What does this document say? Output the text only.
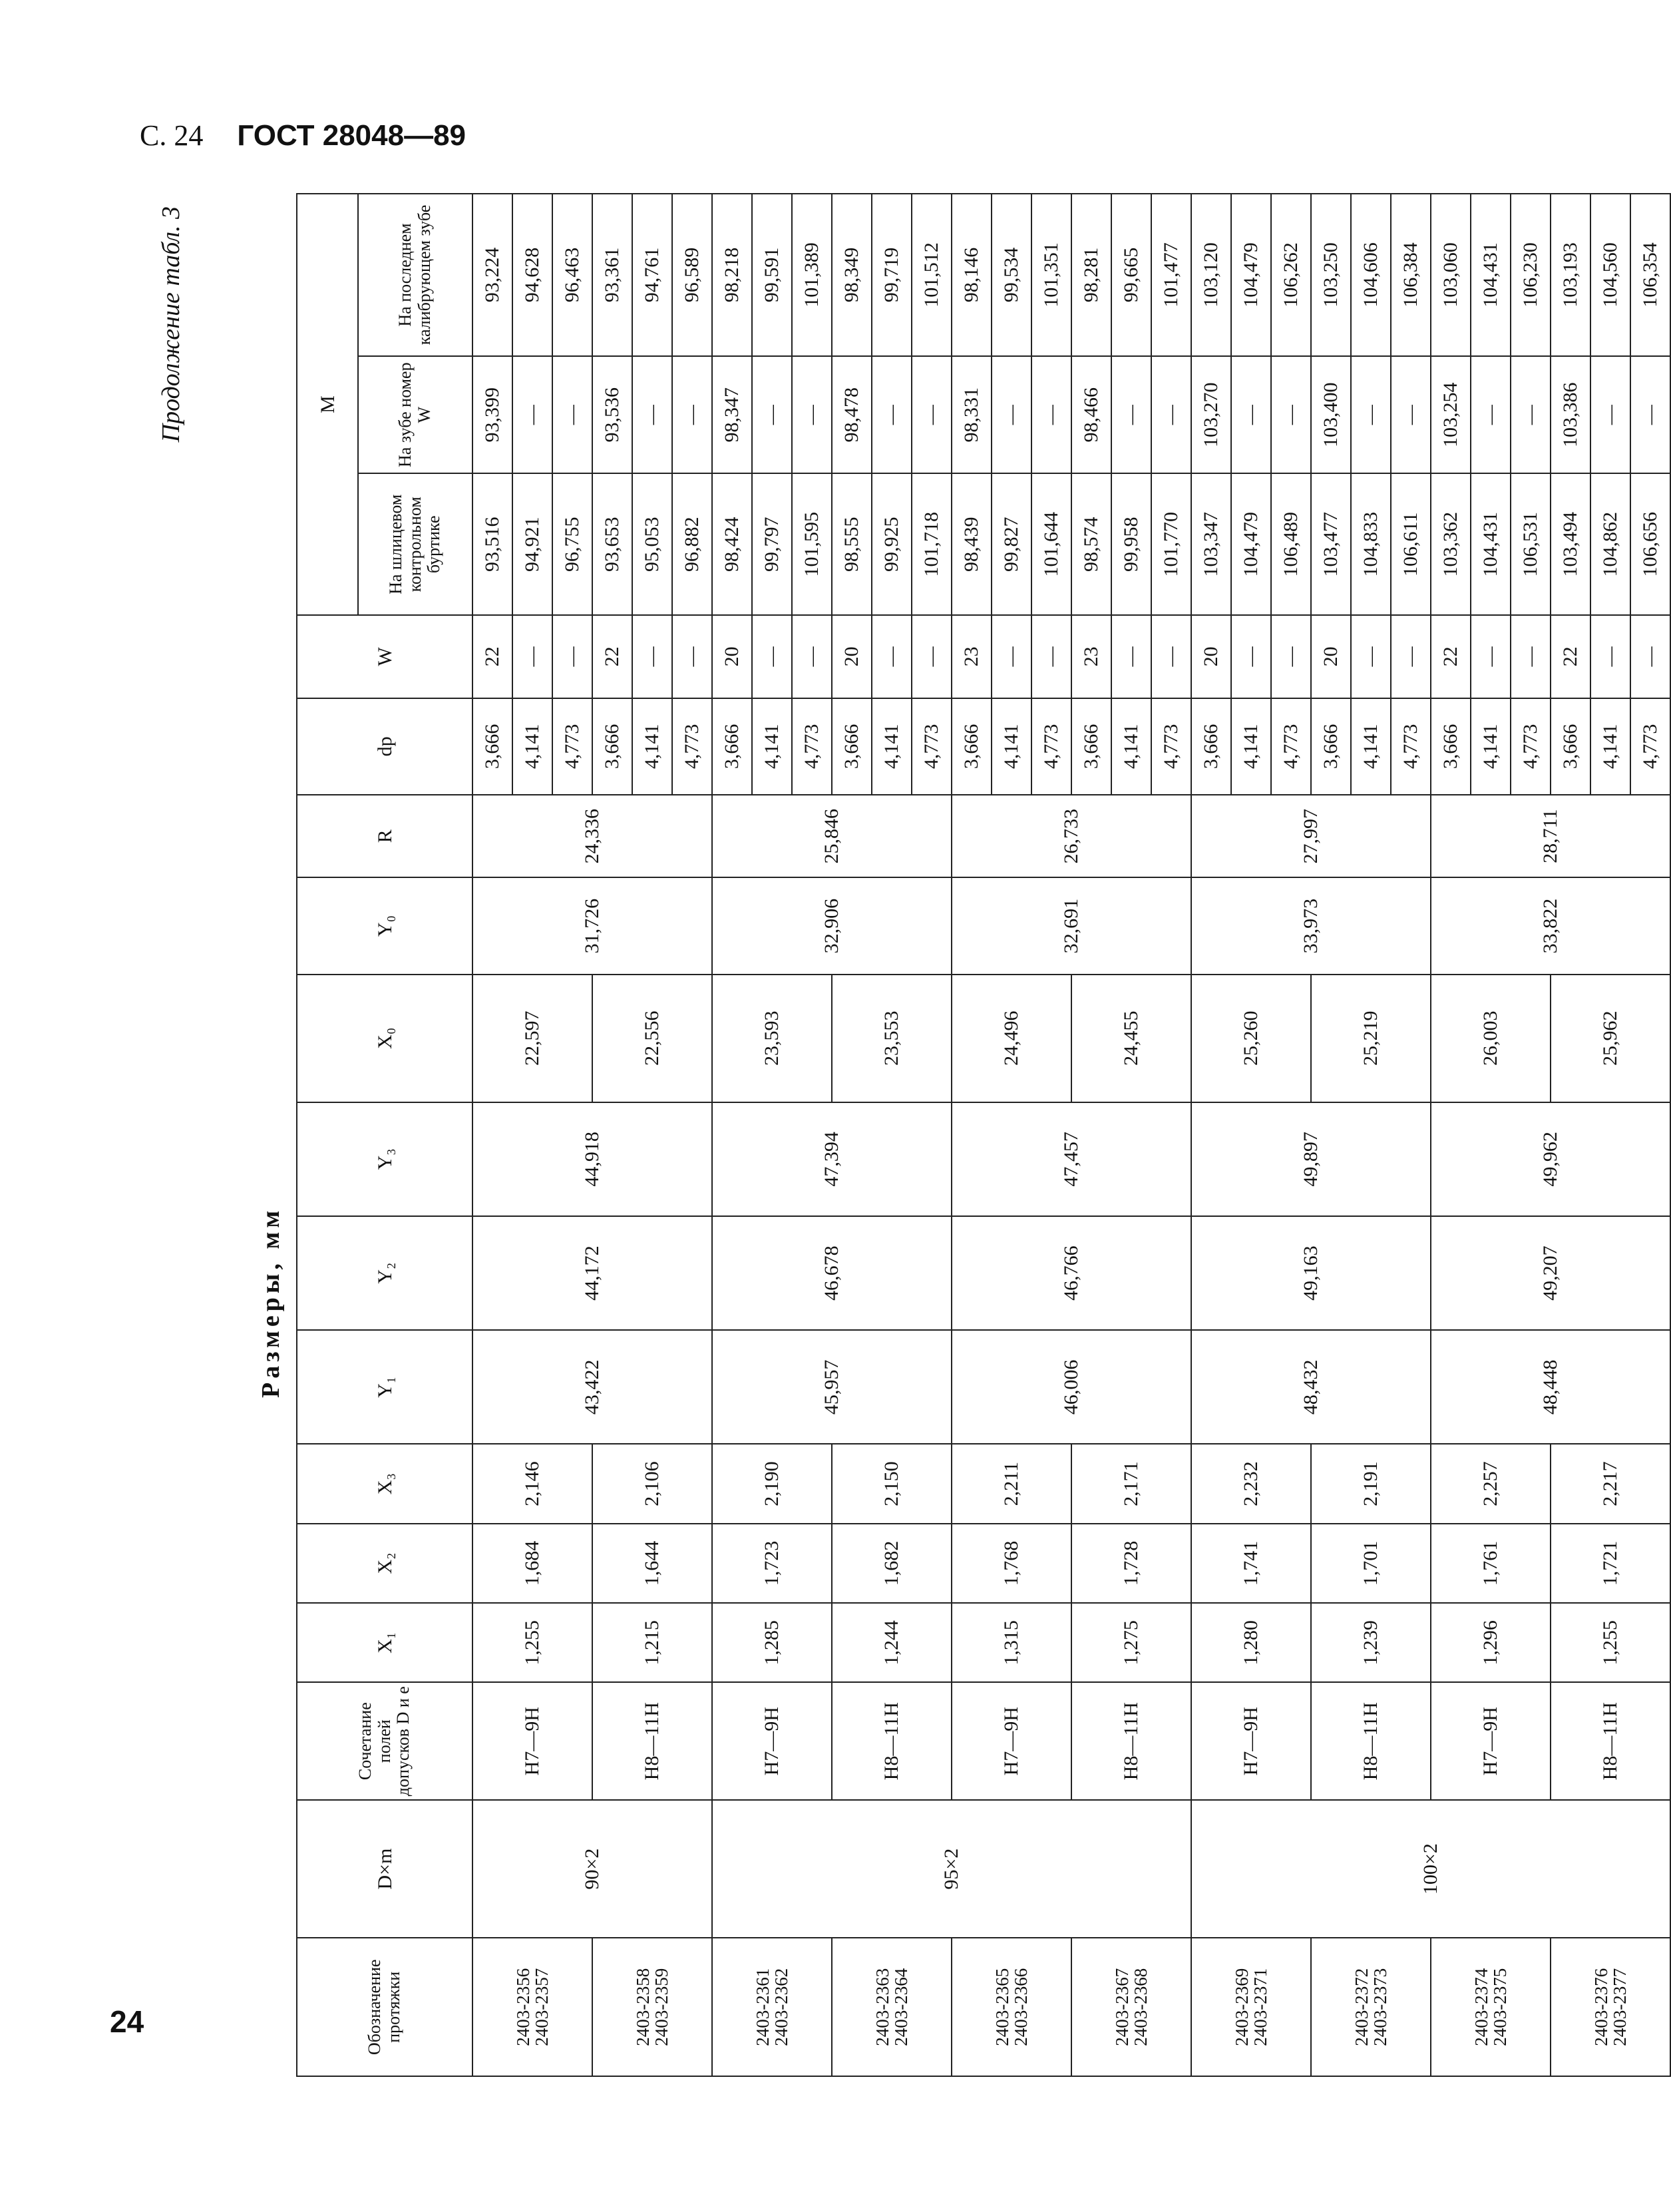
С. 24 ГОСТ 28048—89
Продолжение табл. 3
Размеры, мм
Обозначение протяжки	D×m	Сочетание полей допусков D и e	X₁	X₂	X₃	Y₁	Y₂	Y₃	X₀	Y₀	R	dр	W	M		
														На шлицевом контрольном буртике	На зубе номер W	На последнем калибрующем зубе

2403-2356
2403-2357	90×2	H7—9H	1,255	1,684	2,146	43,422	44,172	44,918	22,597	31,726	24,336	3,666	22	93,516	93,399	93,224
												4,141	—	94,921	—	94,628
												4,773	—	96,755	—	96,463

2403-2358
2403-2359		H8—11H	1,215	1,644	2,106				22,556			3,666	22	93,653	93,536	93,361
												4,141	—	95,053	—	94,761
												4,773	—	96,882	—	96,589

2403-2361
2403-2362	95×2	H7—9H	1,285	1,723	2,190	45,957	46,678	47,394	23,593	32,906	25,846	3,666	20	98,424	98,347	98,218
												4,141	—	99,797	—	99,591
												4,773	—	101,595	—	101,389

2403-2363
2403-2364		H8—11H	1,244	1,682	2,150				23,553			3,666	20	98,555	98,478	98,349
												4,141	—	99,925	—	99,719
												4,773	—	101,718	—	101,512

2403-2365
2403-2366		H7—9H	1,315	1,768	2,211	46,006	46,766	47,457	24,496	32,691	26,733	3,666	23	98,439	98,331	98,146
												4,141	—	99,827	—	99,534
												4,773	—	101,644	—	101,351

2403-2367
2403-2368		H8—11H	1,275	1,728	2,171				24,455			3,666	23	98,574	98,466	98,281
												4,141	—	99,958	—	99,665
												4,773	—	101,770	—	101,477

2403-2369
2403-2371	100×2	H7—9H	1,280	1,741	2,232	48,432	49,163	49,897	25,260	33,973	27,997	3,666	20	103,347	103,270	103,120
												4,141	—	104,479	—	104,479
												4,773	—	106,489	—	106,262

2403-2372
2403-2373		H8—11H	1,239	1,701	2,191				25,219			3,666	20	103,477	103,400	103,250
												4,141	—	104,833	—	104,606
												4,773	—	106,611	—	106,384

2403-2374
2403-2375		H7—9H	1,296	1,761	2,257	48,448	49,207	49,962	26,003	33,822	28,711	3,666	22	103,362	103,254	103,060
												4,141	—	104,431	—	104,431
												4,773	—	106,531	—	106,230

2403-2376
2403-2377		H8—11H	1,255	1,721	2,217				25,962			3,666	22	103,494	103,386	103,193
												4,141	—	104,862	—	104,560
												4,773	—	106,656	—	106,354
24
